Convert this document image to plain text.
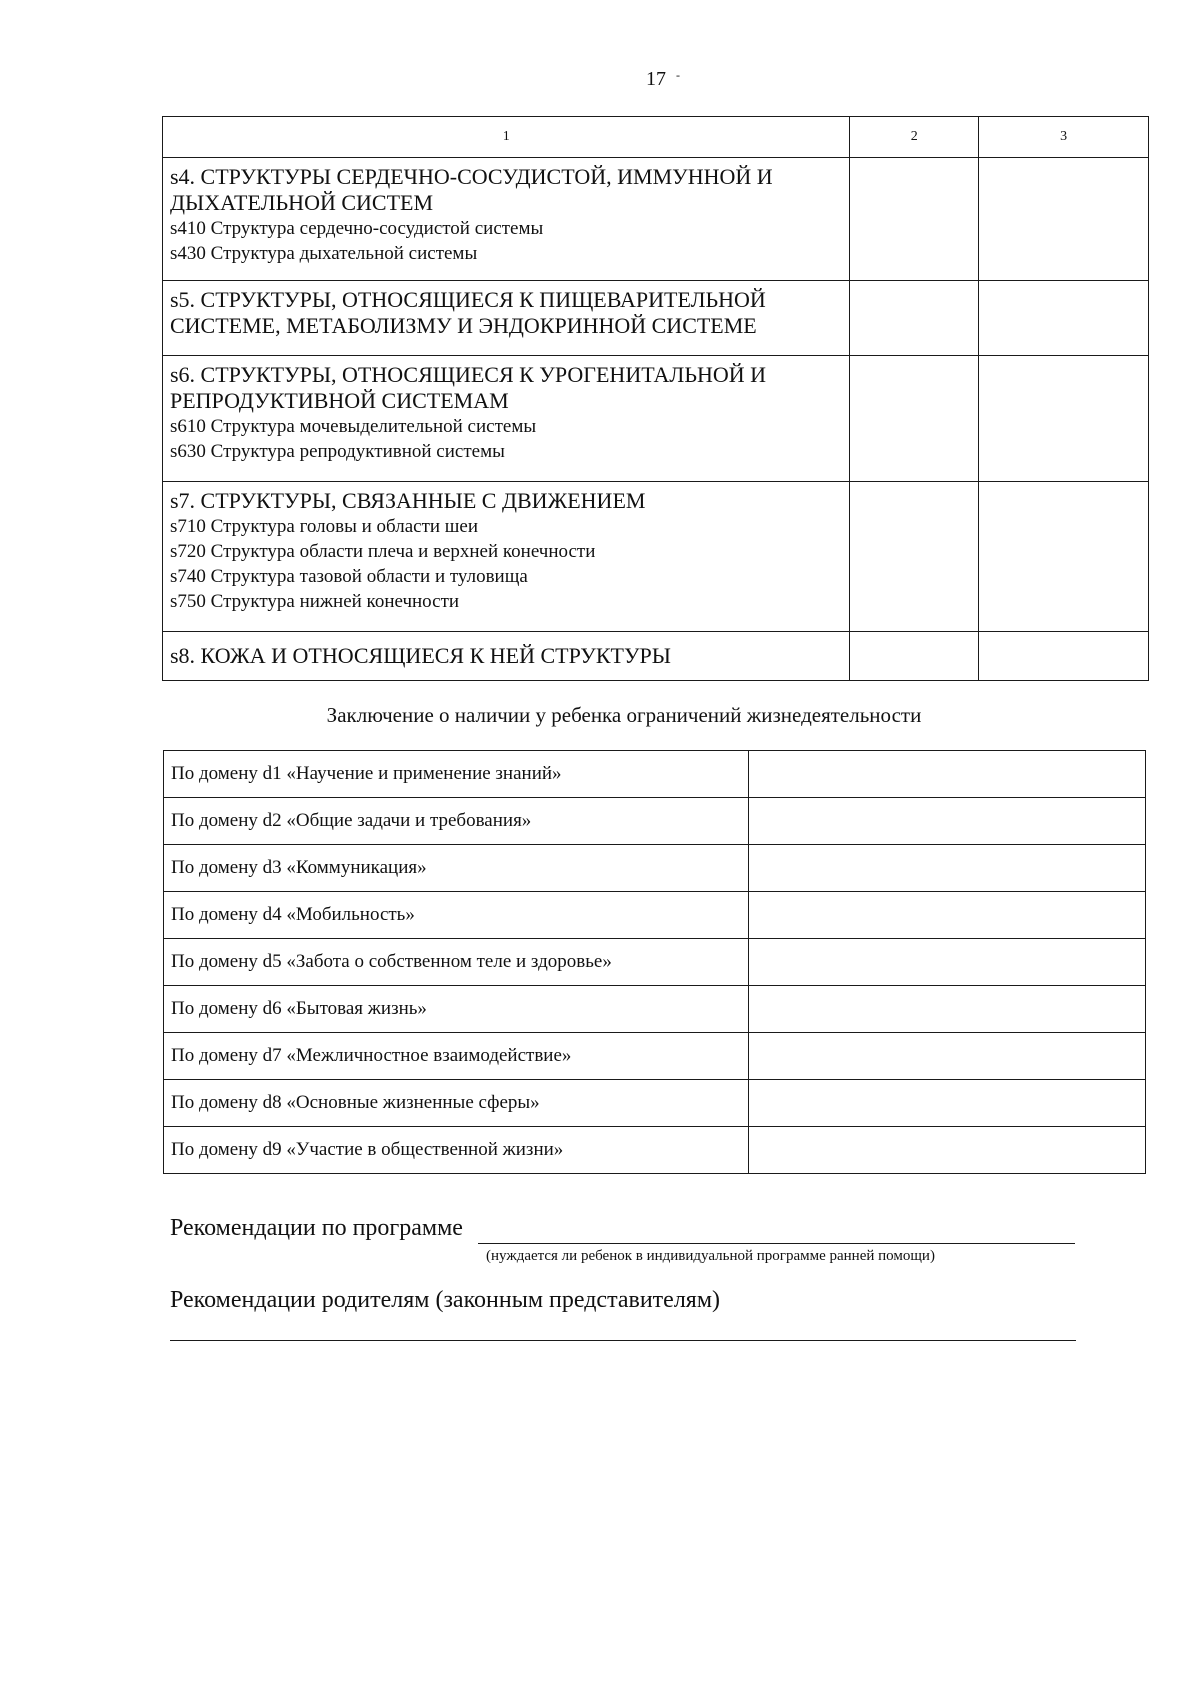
17 -
1	2	3

s4. СТРУКТУРЫ СЕРДЕЧНО-СОСУДИСТОЙ, ИММУННОЙ И
ДЫХАТЕЛЬНОЙ СИСТЕМ
s410 Структура сердечно-сосудистой системы
s430 Структура дыхательной системы		

s5. СТРУКТУРЫ, ОТНОСЯЩИЕСЯ К ПИЩЕВАРИТЕЛЬНОЙ
СИСТЕМЕ, МЕТАБОЛИЗМУ И ЭНДОКРИННОЙ СИСТЕМЕ		

s6. СТРУКТУРЫ, ОТНОСЯЩИЕСЯ К УРОГЕНИТАЛЬНОЙ И
РЕПРОДУКТИВНОЙ СИСТЕМАМ
s610 Структура мочевыделительной системы
s630 Структура репродуктивной системы		

s7. СТРУКТУРЫ, СВЯЗАННЫЕ С ДВИЖЕНИЕМ
s710 Структура головы и области шеи
s720 Структура области плеча и верхней конечности
s740 Структура тазовой области и туловища
s750 Структура нижней конечности		

s8. КОЖА И ОТНОСЯЩИЕСЯ К НЕЙ СТРУКТУРЫ		

Заключение о наличии у ребенка ограничений жизнедеятельности
По домену d1 «Научение и применение знаний»	
По домену d2 «Общие задачи и требования»	
По домену d3 «Коммуникация»	
По домену d4 «Мобильность»	
По домену d5 «Забота о собственном теле и здоровье»	
По домену d6 «Бытовая жизнь»	
По домену d7 «Межличностное взаимодействие»	
По домену d8 «Основные жизненные сферы»	
По домену d9 «Участие в общественной жизни»	
Рекомендации по программе
(нуждается ли ребенок в индивидуальной программе ранней помощи)
Рекомендации родителям (законным представителям)
